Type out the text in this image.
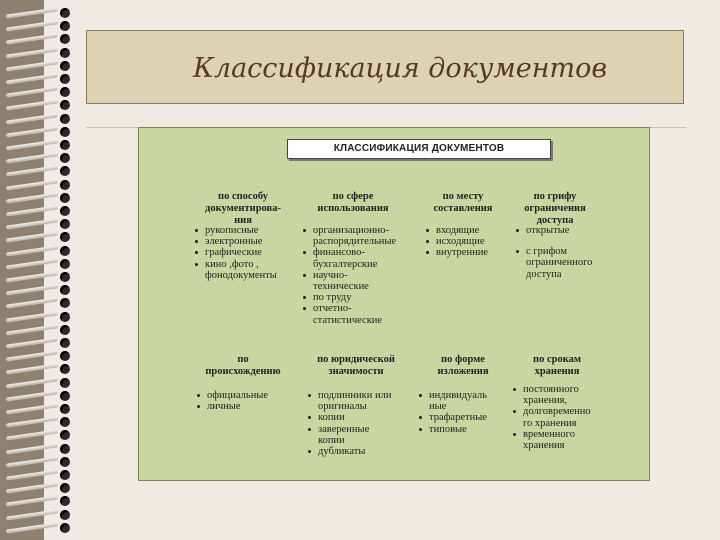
Классификация документов
КЛАССИФИКАЦИЯ ДОКУМЕНТОВ
по способу
документирова-
ния
по сфере
использования
по месту
составления
по грифу
ограничения
доступа
рукописные
электронные
графические
кино ,фото ,
фонодокументы
организационно-
распорядительные
финансово-
бухгалтерские
научно-
технические
по труду
отчетно-
статистические
входящие
исходящие
внутренние
открытые
с грифом
ограниченного
доступа
по
происхождению
по юридической
значимости
по форме
изложения
по срокам
хранения
официальные
личные
подлинники или
оригиналы
копии
заверенные
копии
дубликаты
индивидуаль
ные
трафаретные
типовые
постоянного
хранения,
долговременно
го хранения
временного
хранения
